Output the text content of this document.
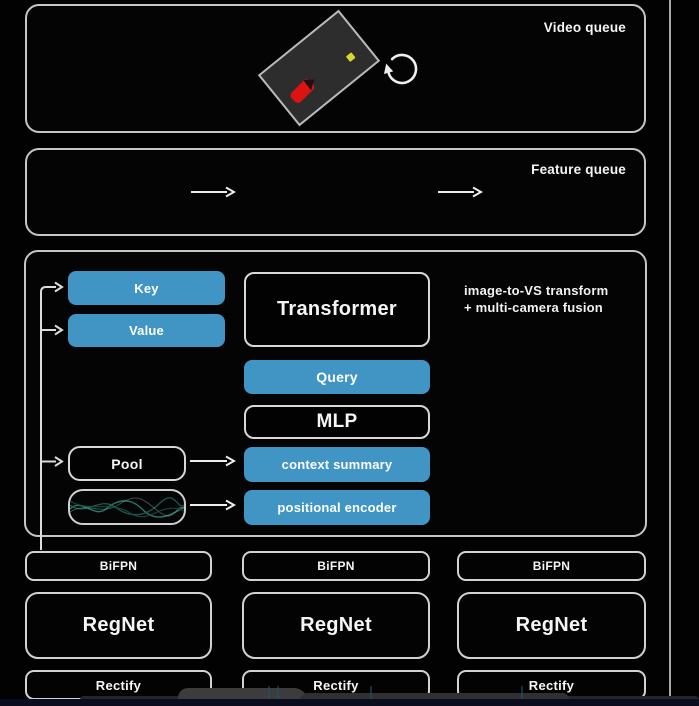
Video queue
Feature queue
Key
Value
Transformer
image-to-VS transform
+ multi-camera fusion
Query
MLP
Pool	context summary
positional encoder
BiFPN
RegNet
Rectify
BiFPN
RegNet
Rectify
BiFPN
RegNet
Rectify
